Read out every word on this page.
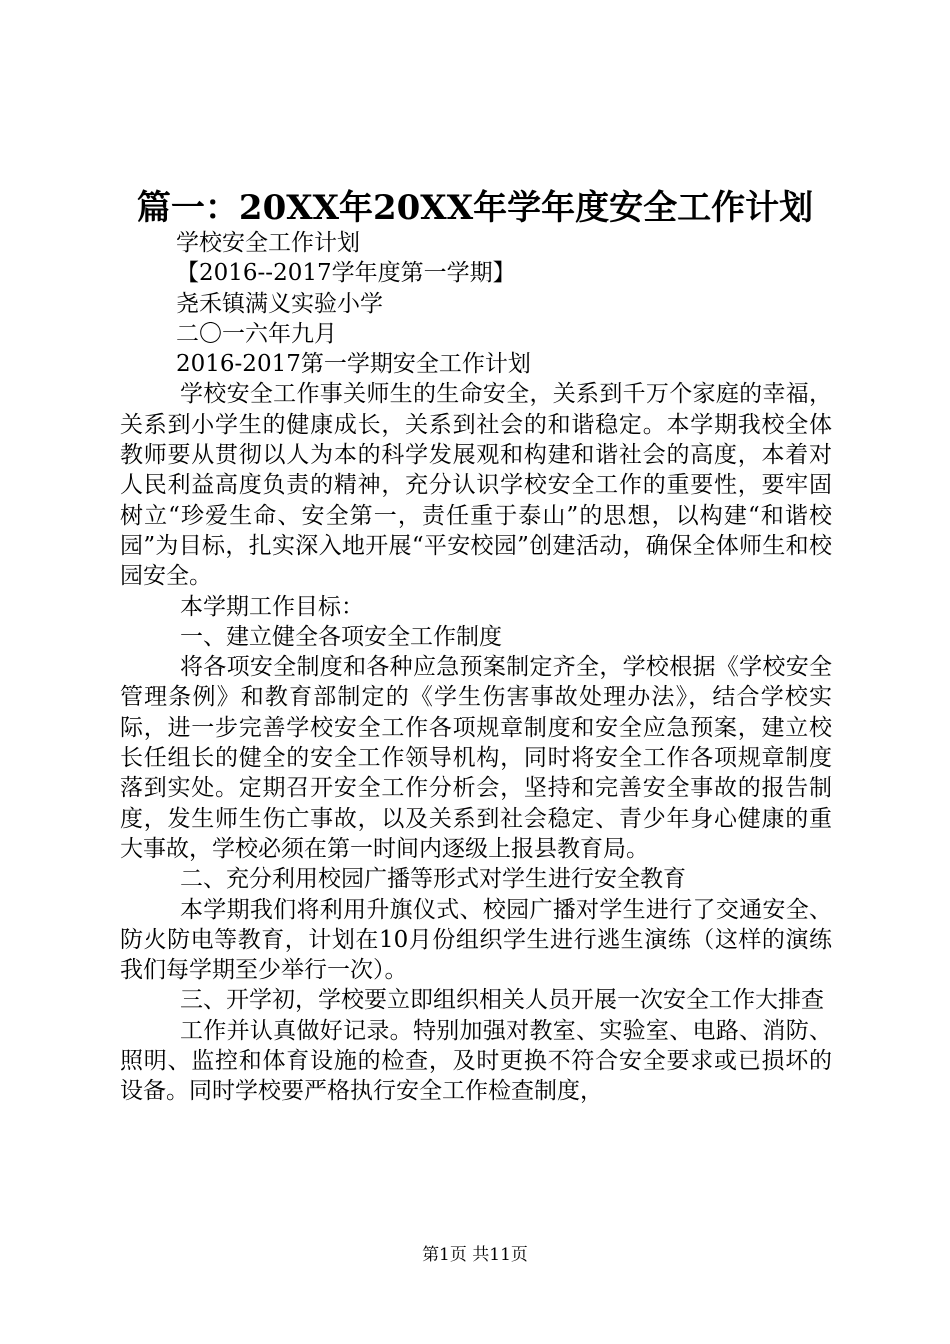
篇一：20XX年20XX年学年度安全工作计划
学校安全工作计划
【2016--2017学年度第一学期】
尧禾镇满义实验小学
二〇一六年九月
2016-2017第一学期安全工作计划
学校安全工作事关师生的生命安全，关系到千万个家庭的幸福，关系到小学生的健康成长，关系到社会的和谐稳定。本学期我校全体教师要从贯彻以人为本的科学发展观和构建和谐社会的高度，本着对人民利益高度负责的精神，充分认识学校安全工作的重要性，要牢固树立“珍爱生命、安全第一，责任重于泰山”的思想，以构建“和谐校园”为目标，扎实深入地开展“平安校园”创建活动，确保全体师生和校园安全。
本学期工作目标：
一、建立健全各项安全工作制度
将各项安全制度和各种应急预案制定齐全，学校根据《学校安全管理条例》和教育部制定的《学生伤害事故处理办法》，结合学校实际，进一步完善学校安全工作各项规章制度和安全应急预案，建立校长任组长的健全的安全工作领导机构，同时将安全工作各项规章制度落到实处。定期召开安全工作分析会，坚持和完善安全事故的报告制度，发生师生伤亡事故，以及关系到社会稳定、青少年身心健康的重大事故，学校必须在第一时间内逐级上报县教育局。
二、充分利用校园广播等形式对学生进行安全教育
本学期我们将利用升旗仪式、校园广播对学生进行了交通安全、防火防电等教育，计划在10月份组织学生进行逃生演练（这样的演练我们每学期至少举行一次）。
三、开学初，学校要立即组织相关人员开展一次安全工作大排查
工作并认真做好记录。特别加强对教室、实验室、电路、消防、照明、监控和体育设施的检查，及时更换不符合安全要求或已损坏的设备。同时学校要严格执行安全工作检查制度，
第1页 共11页
